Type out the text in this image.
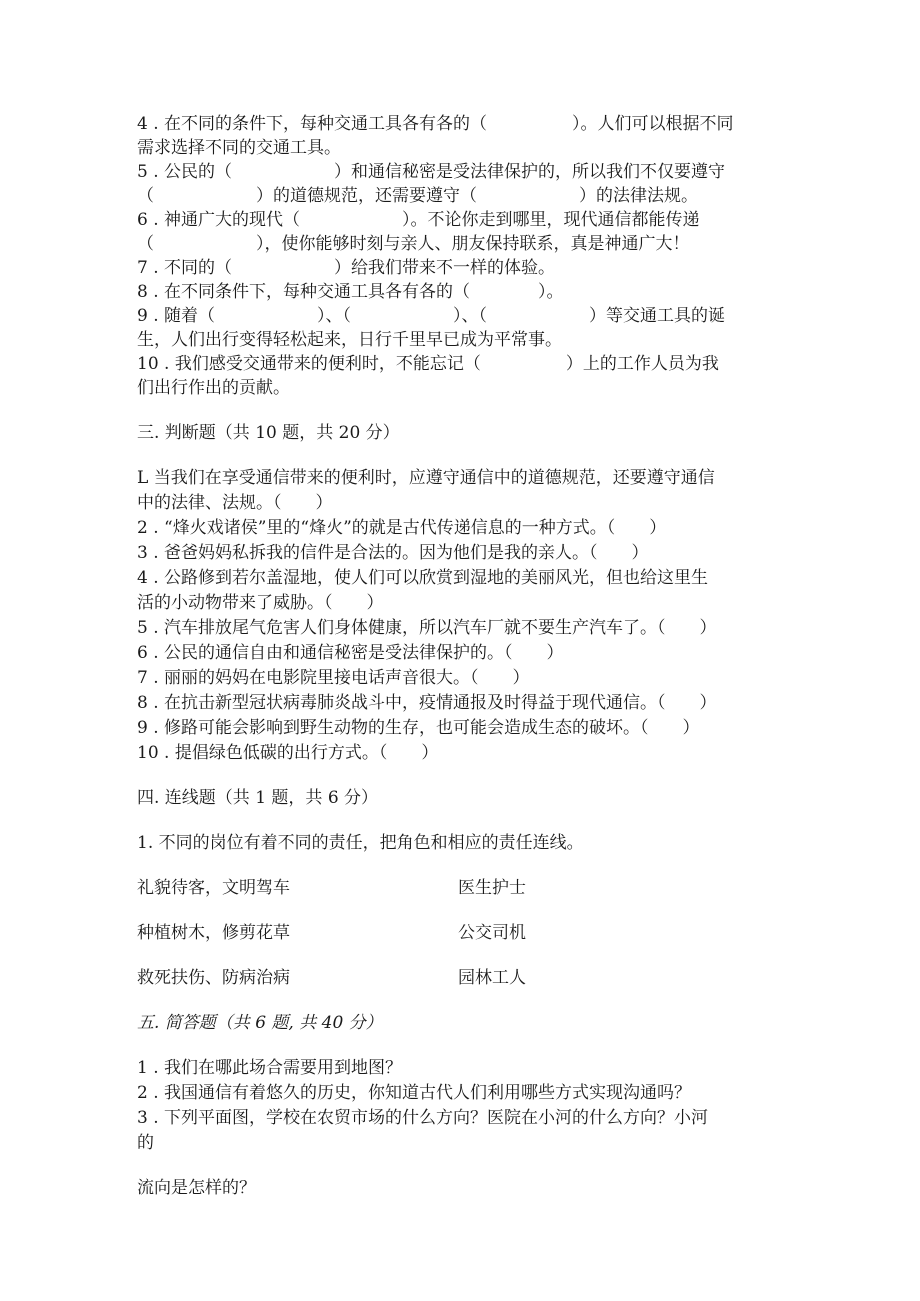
4 . 在不同的条件下，每种交通工具各有各的（　　　　　）。人们可以根据不同
需求选择不同的交通工具。
5 . 公民的（　　　　　　）和通信秘密是受法律保护的，所以我们不仅要遵守
（　　　　　　）的道德规范，还需要遵守（　　　　　　）的法律法规。
6 . 神通广大的现代（　　　　　　）。不论你走到哪里，现代通信都能传递
（　　　　　　），使你能够时刻与亲人、朋友保持联系，真是神通广大！
7 . 不同的（　　　　　　）给我们带来不一样的体验。
8 . 在不同条件下，每种交通工具各有各的（　　　　）。
9 . 随着（　　　　　　）、（　　　　　　）、（　　　　　　）等交通工具的诞
生，人们出行变得轻松起来，日行千里早已成为平常事。
10 . 我们感受交通带来的便利时，不能忘记（　　　　　）上的工作人员为我
们出行作出的贡献。
三. 判断题（共 10 题，共 20 分）
L 当我们在享受通信带来的便利时，应遵守通信中的道德规范，还要遵守通信
中的法律、法规。（　　）
2 . “烽火戏诸侯”里的“烽火”的就是古代传递信息的一种方式。（　　）
3 . 爸爸妈妈私拆我的信件是合法的。因为他们是我的亲人。（　　）
4 . 公路修到若尔盖湿地，使人们可以欣赏到湿地的美丽风光，但也给这里生
活的小动物带来了威胁。（　　）
5 . 汽车排放尾气危害人们身体健康，所以汽车厂就不要生产汽车了。（　　）
6 . 公民的通信自由和通信秘密是受法律保护的。（　　）
7 . 丽丽的妈妈在电影院里接电话声音很大。（　　）
8 . 在抗击新型冠状病毒肺炎战斗中，疫情通报及时得益于现代通信。（　　）
9 . 修路可能会影响到野生动物的生存，也可能会造成生态的破坏。（　　）
10 . 提倡绿色低碳的出行方式。（　　）
四. 连线题（共 1 题，共 6 分）
1. 不同的岗位有着不同的责任，把角色和相应的责任连线。
礼貌待客，文明驾车	医生护士
种植树木，修剪花草	公交司机
救死扶伤、防病治病	园林工人
五. 简答题（共 6 题, 共 40 分）
1 . 我们在哪此场合需要用到地图？
2 . 我国通信有着悠久的历史，你知道古代人们利用哪些方式实现沟通吗？
3 . 下列平面图，学校在农贸市场的什么方向？医院在小河的什么方向？小河
的
流向是怎样的？
